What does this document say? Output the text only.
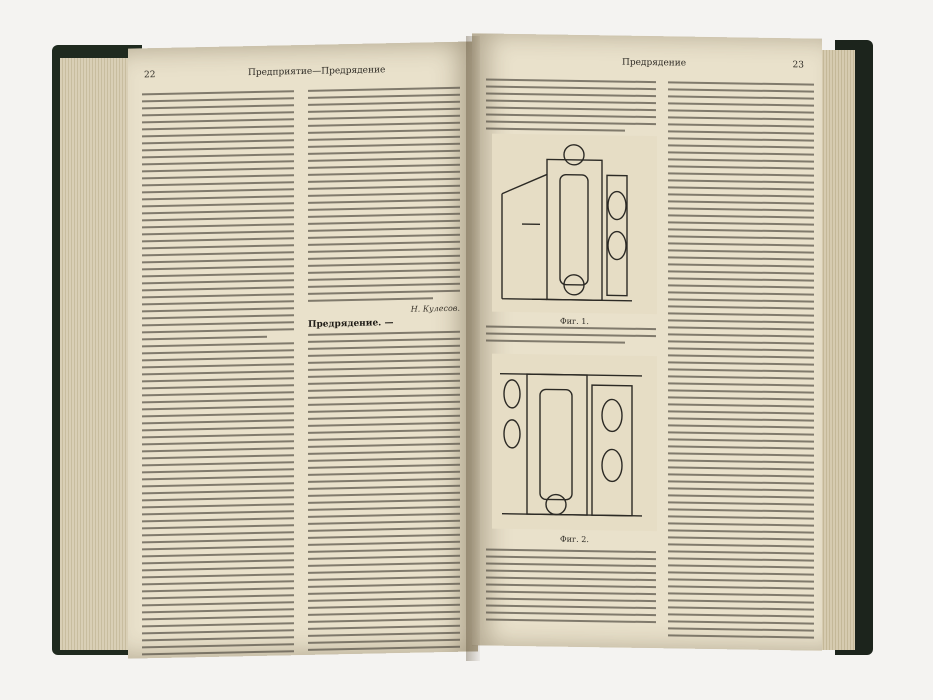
22	Предприятие—Предрядение
Н. Кулесов.
Предрядение. —
Предрядение	23
Фиг. 1.
Фиг. 2.
